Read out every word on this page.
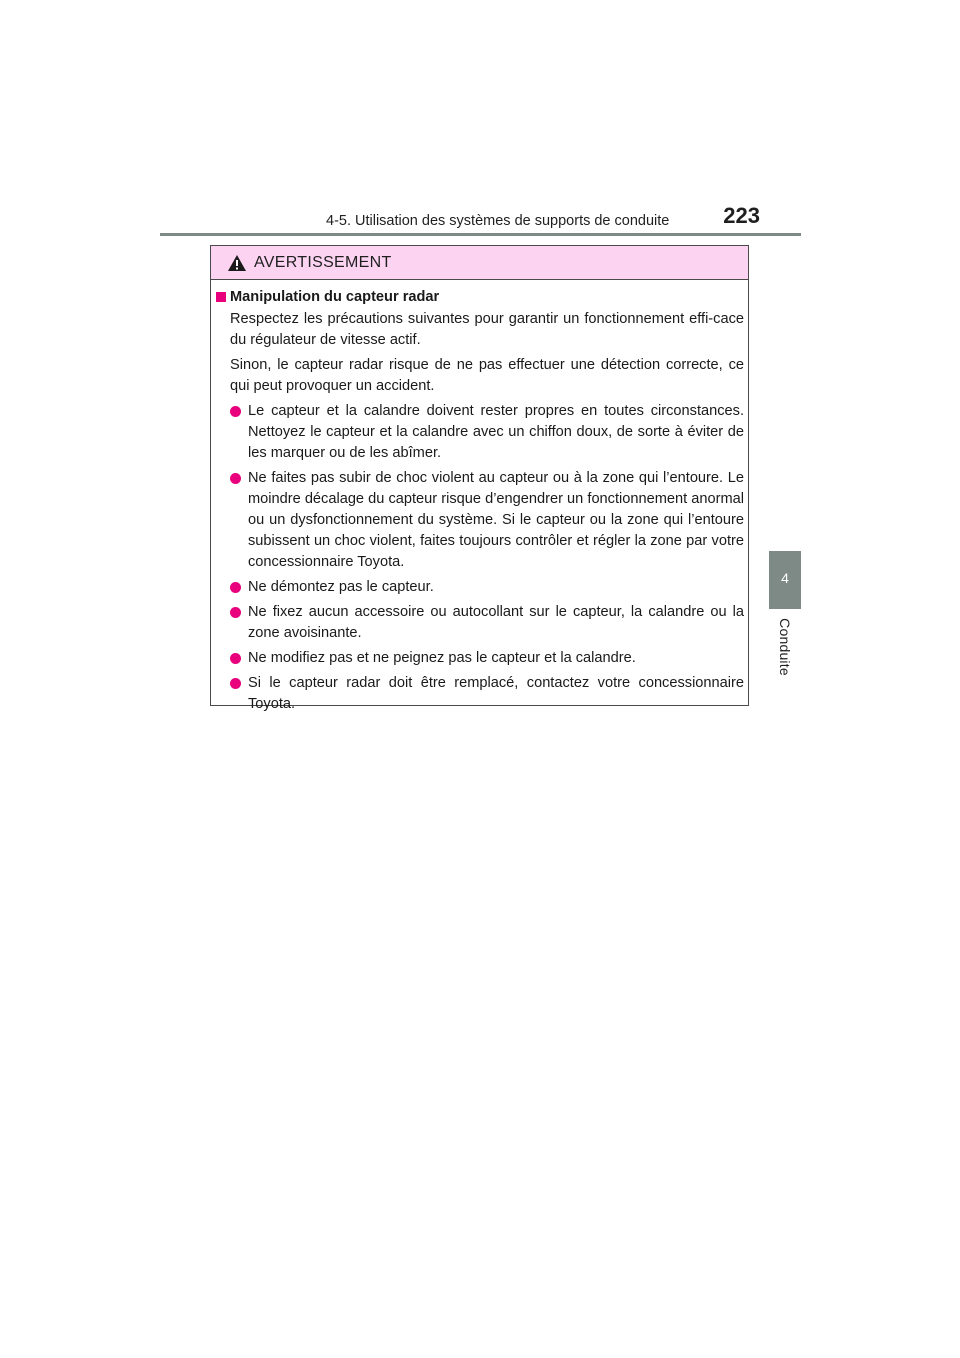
4-5. Utilisation des systèmes de supports de conduite	223
4
Conduite
AVERTISSEMENT
Manipulation du capteur radar
Respectez les précautions suivantes pour garantir un fonctionnement effi-cace du régulateur de vitesse actif.
Sinon, le capteur radar risque de ne pas effectuer une détection correcte, ce qui peut provoquer un accident.
Le capteur et la calandre doivent rester propres en toutes circonstances. Nettoyez le capteur et la calandre avec un chiffon doux, de sorte à éviter de les marquer ou de les abîmer.
Ne faites pas subir de choc violent au capteur ou à la zone qui l’entoure. Le moindre décalage du capteur risque d’engendrer un fonctionnement anormal ou un dysfonctionnement du système. Si le capteur ou la zone qui l’entoure subissent un choc violent, faites toujours contrôler et régler la zone par votre concessionnaire Toyota.
Ne démontez pas le capteur.
Ne fixez aucun accessoire ou autocollant sur le capteur, la calandre ou la zone avoisinante.
Ne modifiez pas et ne peignez pas le capteur et la calandre.
Si le capteur radar doit être remplacé, contactez votre concessionnaire Toyota.
